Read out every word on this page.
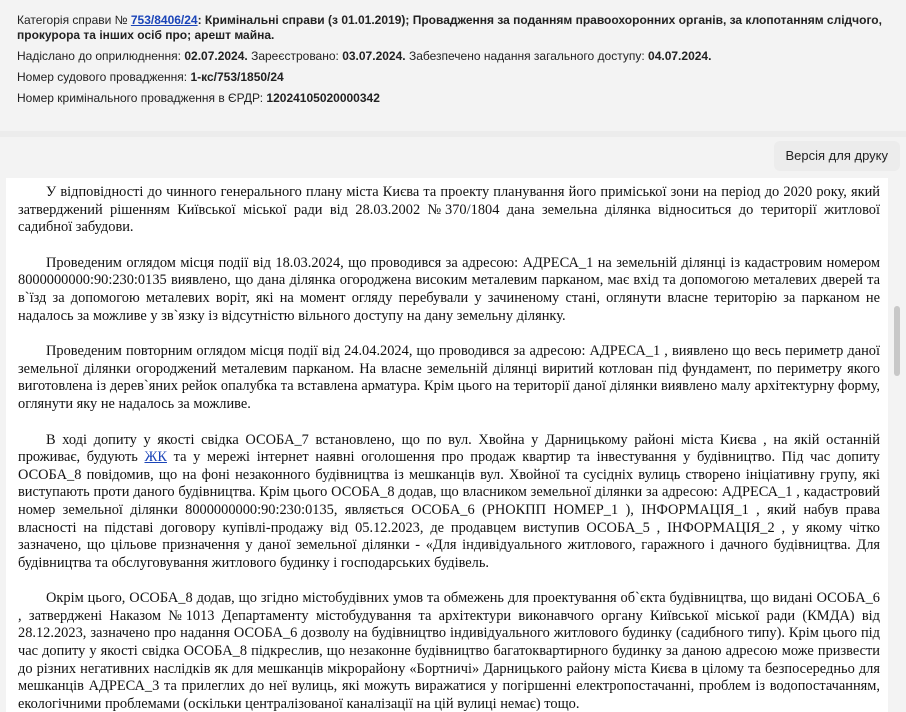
Категорія справи № 753/8406/24: Кримінальні справи (з 01.01.2019); Провадження за поданням правоохоронних органів, за клопотанням слідчого, прокурора та інших осіб про; арешт майна.
Надіслано до оприлюднення: 02.07.2024. Зареєстровано: 03.07.2024. Забезпечено надання загального доступу: 04.07.2024.
Номер судового провадження: 1-кс/753/1850/24
Номер кримінального провадження в ЄРДР: 12024105020000342
Версія для друку

У відповідності до чинного генерального плану міста Києва та проекту планування його приміської зони на період до 2020 року, який затверджений рішенням Київської міської ради від 28.03.2002 №370/1804 дана земельна ділянка відноситься до території житлової садибної забудови.

Проведеним оглядом місця події від 18.03.2024, що проводився за адресою: АДРЕСА_1 на земельній ділянці із кадастровим номером 8000000000:90:230:0135 виявлено, що дана ділянка огороджена високим металевим парканом, має вхід та допомогою металевих дверей та в`їзд за допомогою металевих воріт, які на момент огляду перебували у зачиненому стані, оглянути власне територію за парканом не надалось за можливе у зв`язку із відсутністю вільного доступу на дану земельну ділянку.

Проведеним повторним оглядом місця події від 24.04.2024, що проводився за адресою: АДРЕСА_1 , виявлено що весь периметр даної земельної ділянки огороджений металевим парканом. На власне земельній ділянці виритий котлован під фундамент, по периметру якого виготовлена із дерев`яних рейок опалубка та вставлена арматура. Крім цього на території даної ділянки виявлено малу архітектурну форму, оглянути яку не надалось за можливе.

В ході допиту у якості свідка ОСОБА_7 встановлено, що по вул. Хвойна у Дарницькому районі міста Києва , на якій останній проживає, будують ЖК та у мережі інтернет наявні оголошення про продаж квартир та інвестування у будівництво. Під час допиту ОСОБА_8 повідомив, що на фоні незаконного будівництва із мешканців вул. Хвойної та сусідніх вулиць створено ініціативну групу, які виступають проти даного будівництва. Крім цього ОСОБА_8 додав, що власником земельної ділянки за адресою: АДРЕСА_1 , кадастровий номер земельної ділянки 8000000000:90:230:0135, являється ОСОБА_6 (РНОКПП НОМЕР_1 ), ІНФОРМАЦІЯ_1 , який набув права власності на підставі договору купівлі-продажу від 05.12.2023, де продавцем виступив ОСОБА_5 , ІНФОРМАЦІЯ_2 , у якому чітко зазначено, що цільове призначення у даної земельної ділянки - «Для індивідуального житлового, гаражного і дачного будівництва. Для будівництва та обслуговування житлового будинку і господарських будівель.

Окрім цього, ОСОБА_8 додав, що згідно містобудівних умов та обмежень для проектування об`єкта будівництва, що видані ОСОБА_6 , затверджені Наказом №1013 Департаменту містобудування та архітектури виконавчого органу Київської міської ради (КМДА) від 28.12.2023, зазначено про надання ОСОБА_6 дозволу на будівництво індивідуального житлового будинку (садибного типу). Крім цього під час допиту у якості свідка ОСОБА_8 підкреслив, що незаконне будівництво багатоквартирного будинку за даною адресою може призвести до різних негативних наслідків як для мешканців мікрорайону «Бортничі» Дарницького району міста Києва в цілому та безпосередньо для мешканців АДРЕСА_3 та прилеглих до неї вулиць, які можуть виражатися у погіршенні електропостачанні, проблем із водопостачанням, екологічними проблемами (оскільки централізованої каналізації на цій вулиці немає) тощо.
